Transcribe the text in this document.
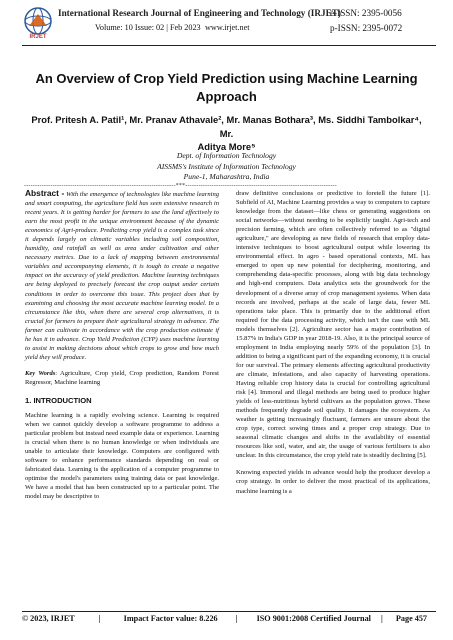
IRJET
International Research Journal of Engineering and Technology (IRJET)
e-ISSN: 2395-0056
Volume: 10 Issue: 02 | Feb 2023 www.irjet.net	p-ISSN: 2395-0072
An Overview of Crop Yield Prediction using Machine Learning
Approach
Prof. Pritesh A. Patil¹, Mr. Pranav Athavale², Mr. Manas Bothara³, Ms. Siddhi Tambolkar⁴, Mr.
Aditya More⁵
Dept. of Information Technology
AISSMS's Institute of Information Technology
Pune-1, Maharashtra, India
---------------------------------------------------------------------***---------------------------------------------------------------------

Abstract - With the emergence of technologies like machine learning and smart computing, the agriculture field has seen extensive research in recent years. It is getting harder for farmers to use the land effectively to earn the most profit in the unique environment because of the dynamic economics of Agri-produce. Predicting crop yield is a complex task since it depends largely on climatic variables including soil composition, humidity, and rainfall as well as area under cultivation and other necessary metrics. Due to a lack of mapping between environmental variables and accompanying elements, it is tough to create a negative impact on the accuracy of yield prediction. Machine learning techniques are being deployed to precisely forecast the crop output under certain conditions in order to overcome this issue. This project does that by examining and choosing the most accurate machine learning model. In a circumstance like this, when there are several crop alternatives, it is crucial for farmers to prepare their agricultural strategy in advance. The farmer can cultivate in accordance with the crop production estimate if he has it in advance. Crop Yield Prediction (CYP) uses machine learning to assist in making decisions about which crops to grow and how much yield they will produce.

Key Words: Agriculture, Crop yield, Crop prediction, Random Forest Regressor, Machine learning

1. INTRODUCTION

Machine learning is a rapidly evolving science. Learning is required when we cannot quickly develop a software programme to address a particular problem but instead need example data or experience. Learning is crucial when there is no human knowledge or when individuals are unable to articulate their knowledge. Computers are configured with software to enhance performance standards depending on real or fabricated data. Learning is the application of a computer programme to optimise the model's parameters using training data or past knowledge. We have a model that has been constructed up to a particular point. The model may be descriptive to

draw definitive conclusions or predictive to foretell the future [1]. Subfield of AI, Machine Learning provides a way to computers to capture knowledge from the dataset—like chess or generating suggestions on social networks—without needing to be explicitly taught. Agri-tech and precision farming, which are often collectively referred to as "digital agriculture," are developing as new fields of research that employ data-intensive techniques to boost agricultural output while lowering its environmental effect. In agro - based operational contexts, ML has emerged to open up new potential for deciphering, monitoring, and comprehending data-specific processes, along with big data technology and high-end computers. Data analytics sets the groundwork for the development of a diverse array of crop management systems. When data records are involved, perhaps at the scale of large data, fewer ML operations take place. This is primarily due to the additional effort required for the data processing activity, which isn't the case with ML models themselves [2]. Agriculture sector has a major contribution of 15.87% in India's GDP in year 2018-19. Also, it is the principal source of employment in India employing nearly 59% of the population [3]. In addition to being a significant part of the expanding economy, it is crucial for our survival. The primary elements affecting agricultural productivity are climate, infestations, and also capacity of harvesting operations. Having reliable crop history data is crucial for controlling agricultural risk [4]. Immoral and illegal methods are being used to produce higher yields of less-nutritious hybrid cultivars as the population grows. These methods frequently degrade soil quality. It damages the ecosystem. As weather is getting increasingly fluctuant, farmers are unsure about the crop type, correct sowing times and a proper crop strategy. Due to seasonal climatic changes and shifts in the availability of essential resources like soil, water, and air, the usage of various fertilisers is also unclear. In this circumstance, the crop yield rate is steadily declining [5].

Knowing expected yields in advance would help the producer develop a crop strategy. In order to deliver the most practical of its applications, machine learning is a

© 2023, IRJET	|	Impact Factor value: 8.226 | ISO 9001:2008 Certified Journal | Page 457
